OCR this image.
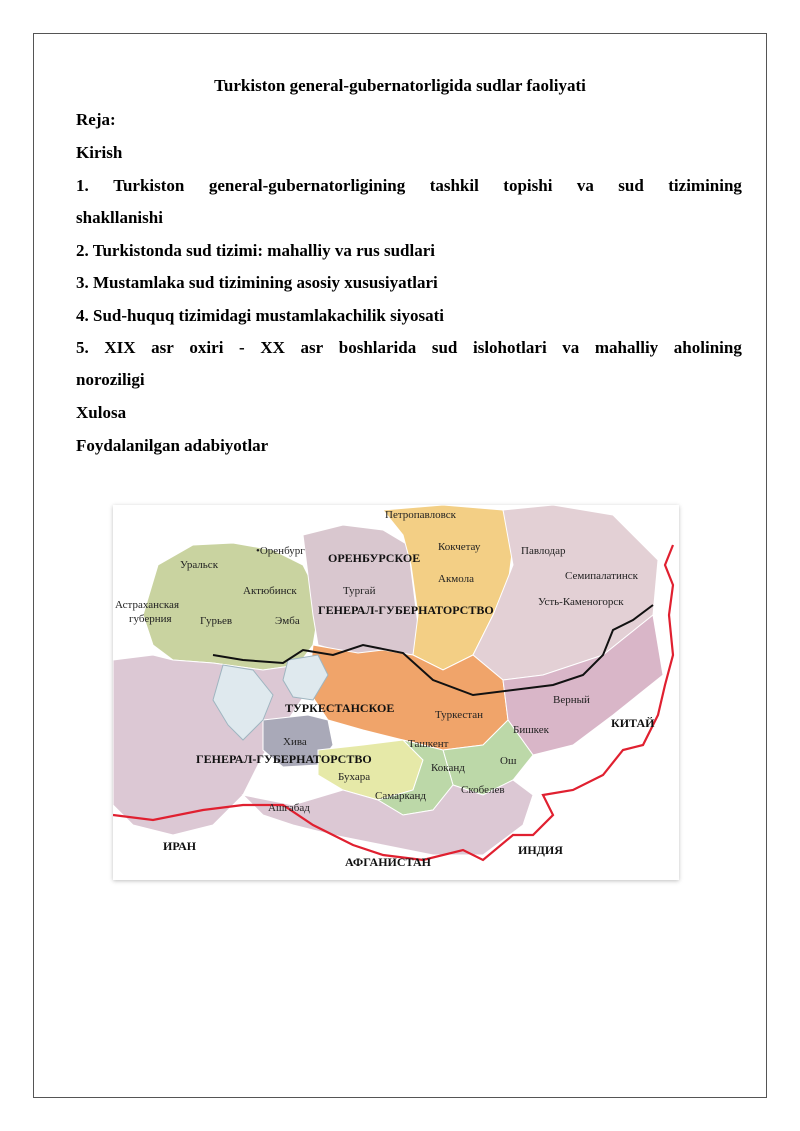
Turkiston general-gubernatorligida sudlar faoliyati
Reja:
Kirish
1. Turkiston general-gubernatorligining tashkil topishi va sud tizimining
shakllanishi
2. Turkistonda sud tizimi: mahalliy va rus sudlari
3. Mustamlaka sud tizimining asosiy xususiyatlari
4. Sud-huquq tizimidagi mustamlakachilik siyosati
5. XIX asr oxiri - XX asr boshlarida sud islohotlari va mahalliy aholining
noroziligi
Xulosa
Foydalanilgan adabiyotlar
Петропавловск
•Оренбург ОРЕНБУРСКОЕ
Кокчетау	Павлодар
Уральск
Актюбинск	Тургай
Акмола	Семипалатинск
Астраханская
губерния	Гурьев	Эмба
ГЕНЕРАЛ-ГУБЕРНАТОРСТВО
Усть-Каменогорск
Верный
ТУРКЕСТАНСКОЕ	Туркестан
КИТАЙ
Хива
Бишкек
Ташкент
ГЕНЕРАЛ-ГУБЕРНАТОРСТВО
Коканд
Ош
Бухара
Самарканд	Скобелев
Ашгабад
ИРАН
АФГАНИСТАН
ИНДИЯ
